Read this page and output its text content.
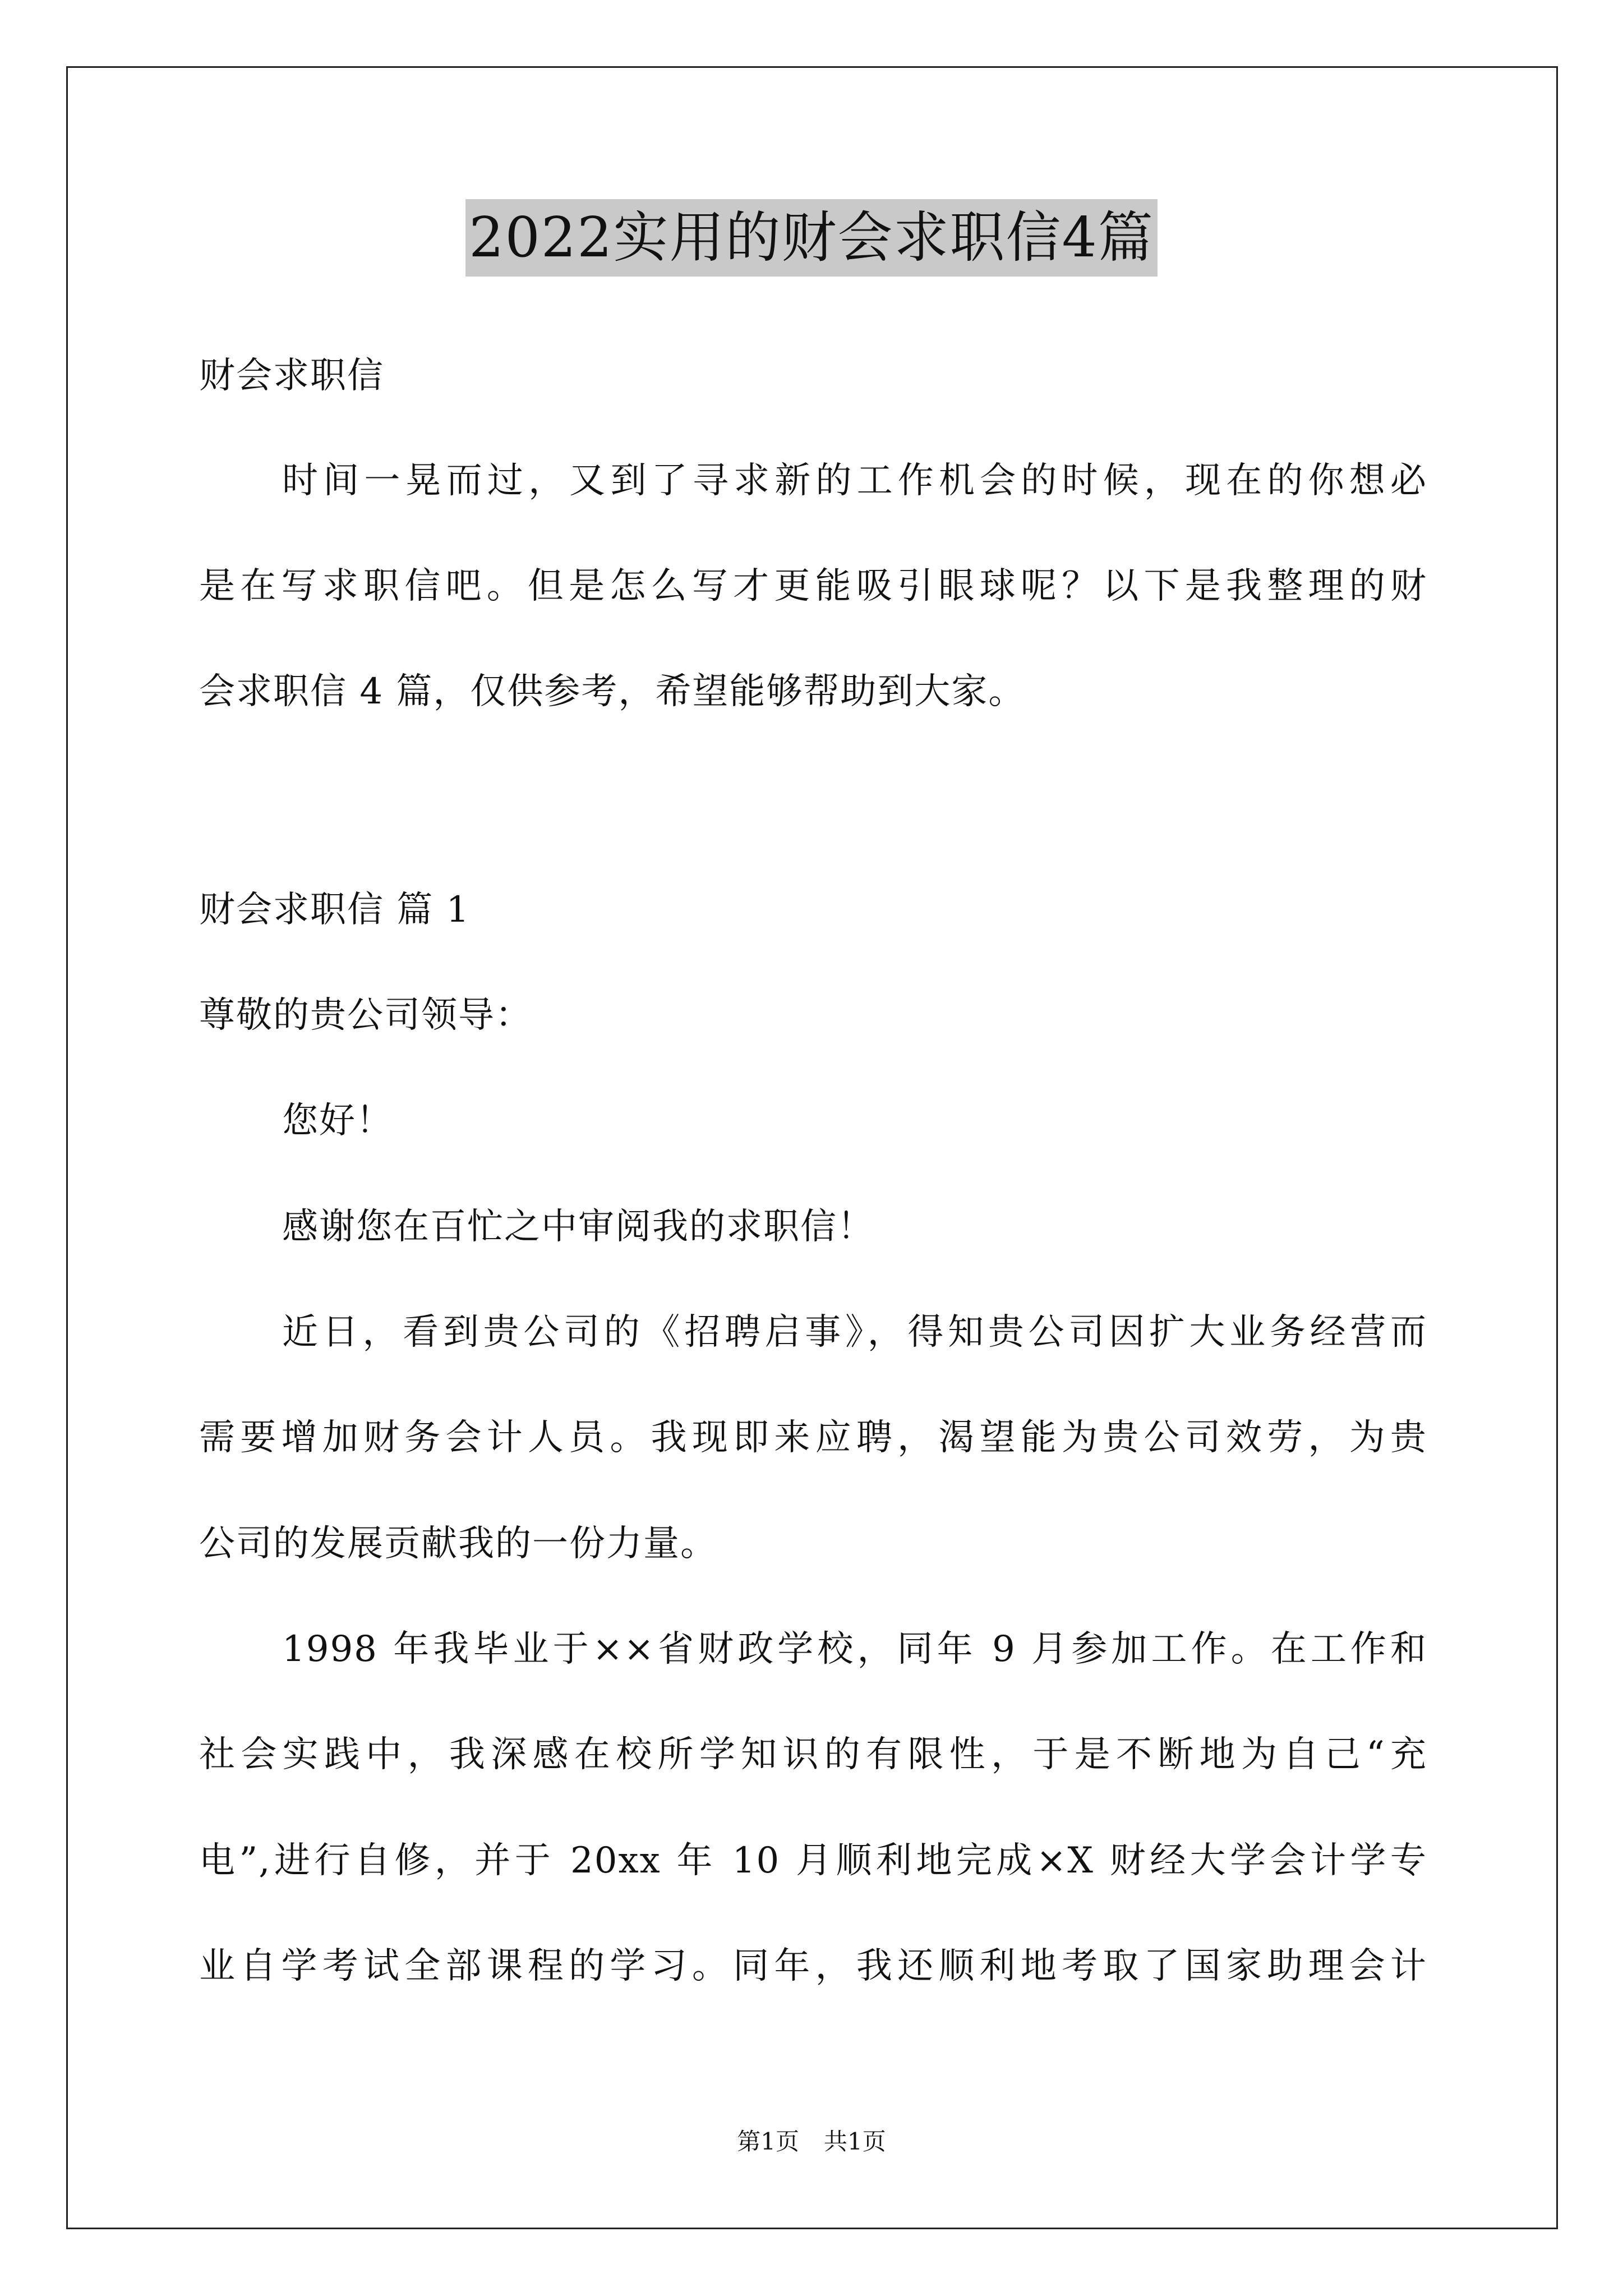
2022实用的财会求职信4篇
财会求职信
时间一晃而过，又到了寻求新的工作机会的时候，现在的你想必
是在写求职信吧。但是怎么写才更能吸引眼球呢？以下是我整理的财
会求职信 4 篇，仅供参考，希望能够帮助到大家。
财会求职信 篇 1
尊敬的贵公司领导：
您好！
感谢您在百忙之中审阅我的求职信！
近日，看到贵公司的《招聘启事》，得知贵公司因扩大业务经营而
需要增加财务会计人员。我现即来应聘，渴望能为贵公司效劳，为贵
公司的发展贡献我的一份力量。
1998 年我毕业于××省财政学校，同年 9 月参加工作。在工作和
社会实践中，我深感在校所学知识的有限性，于是不断地为自己“充
电”,进行自修，并于 20xx 年 10 月顺利地完成×X 财经大学会计学专
业自学考试全部课程的学习。同年，我还顺利地考取了国家助理会计
第1页 共1页
